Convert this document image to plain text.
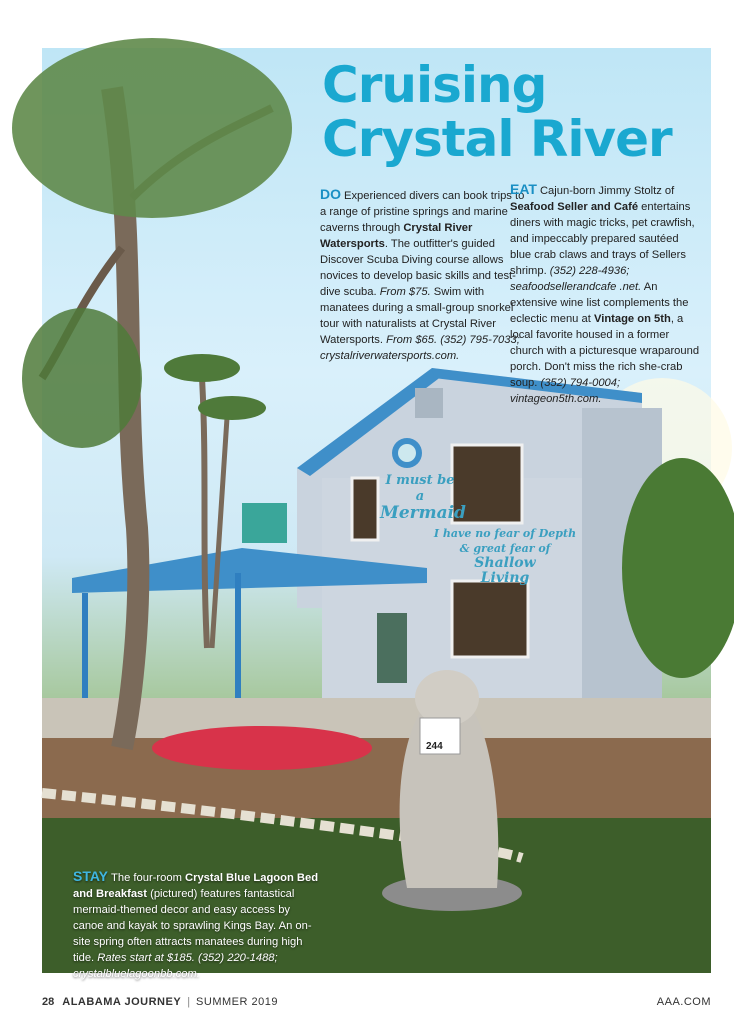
244
I must be
a
Mermaid
I have no fear of Depth
& great fear of
Shallow
Living
Cruising
Crystal River
DO Experienced divers can book trips to a range of pristine springs and marine caverns through Crystal River Watersports. The outfitter's guided Discover Scuba Diving course allows novices to develop basic skills and test-dive scuba. From $75. Swim with manatees during a small-group snorkel tour with naturalists at Crystal River Watersports. From $65. (352) 795-7033; crystalriverwatersports.com.
EAT Cajun-born Jimmy Stoltz of Seafood Seller and Café entertains diners with magic tricks, pet crawfish, and impeccably prepared sautéed blue crab claws and trays of Sellers shrimp. (352) 228-4936; seafoodsellerandcafe .net. An extensive wine list complements the eclectic menu at Vintage on 5th, a local favorite housed in a former church with a picturesque wraparound porch. Don't miss the rich she-crab soup. (352) 794-0004; vintageon5th.com.
STAY The four-room Crystal Blue Lagoon Bed and Breakfast (pictured) features fantastical mermaid-themed decor and easy access by canoe and kayak to sprawling Kings Bay. An on-site spring often attracts manatees during high tide. Rates start at $185. (352) 220-1488; crystalbluelagoonbb.com.
28 ALABAMA JOURNEY | SUMMER 2019	AAA.COM
